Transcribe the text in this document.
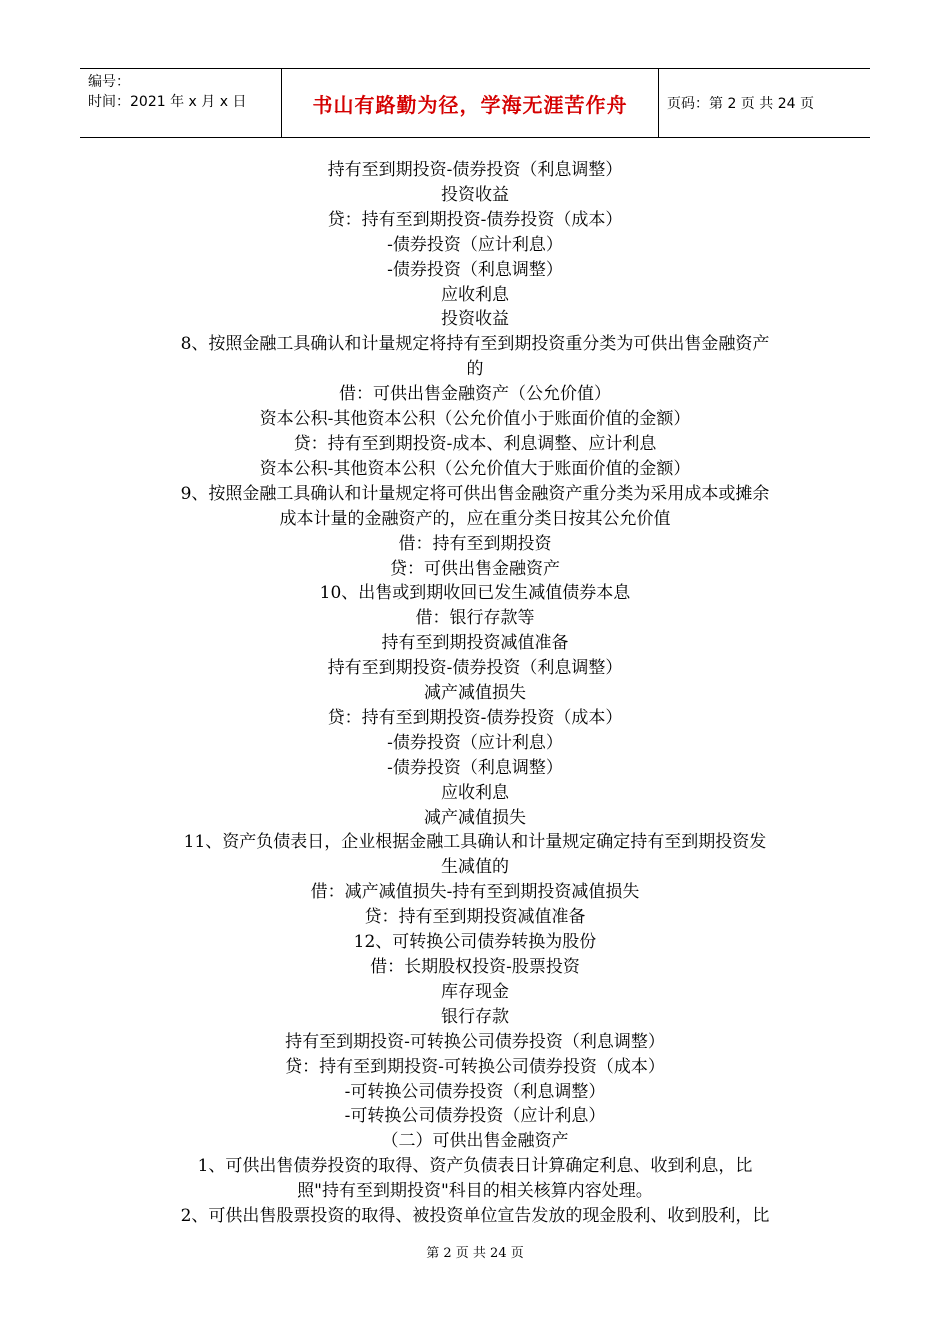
编号：
时间：2021 年 x 月 x 日	书山有路勤为径，学海无涯苦作舟	页码：第 2 页 共 24 页
持有至到期投资-债券投资（利息调整）
投资收益
贷：持有至到期投资-债券投资（成本）
-债券投资（应计利息）
-债券投资（利息调整）
应收利息
投资收益
8、按照金融工具确认和计量规定将持有至到期投资重分类为可供出售金融资产
的
借：可供出售金融资产（公允价值）
资本公积-其他资本公积（公允价值小于账面价值的金额）
贷：持有至到期投资-成本、利息调整、应计利息
资本公积-其他资本公积（公允价值大于账面价值的金额）
9、按照金融工具确认和计量规定将可供出售金融资产重分类为采用成本或摊余
成本计量的金融资产的，应在重分类日按其公允价值
借：持有至到期投资
贷：可供出售金融资产
10、出售或到期收回已发生减值债券本息
借：银行存款等
持有至到期投资减值准备
持有至到期投资-债券投资（利息调整）
减产减值损失
贷：持有至到期投资-债券投资（成本）
-债券投资（应计利息）
-债券投资（利息调整）
应收利息
减产减值损失
11、资产负债表日，企业根据金融工具确认和计量规定确定持有至到期投资发
生减值的
借：减产减值损失-持有至到期投资减值损失
贷：持有至到期投资减值准备
12、可转换公司债券转换为股份
借：长期股权投资-股票投资
库存现金
银行存款
持有至到期投资-可转换公司债券投资（利息调整）
贷：持有至到期投资-可转换公司债券投资（成本）
-可转换公司债券投资（利息调整）
-可转换公司债券投资（应计利息）
（二）可供出售金融资产
1、可供出售债券投资的取得、资产负债表日计算确定利息、收到利息，比
照"持有至到期投资"科目的相关核算内容处理。
2、可供出售股票投资的取得、被投资单位宣告发放的现金股利、收到股利，比
第 2 页 共 24 页
